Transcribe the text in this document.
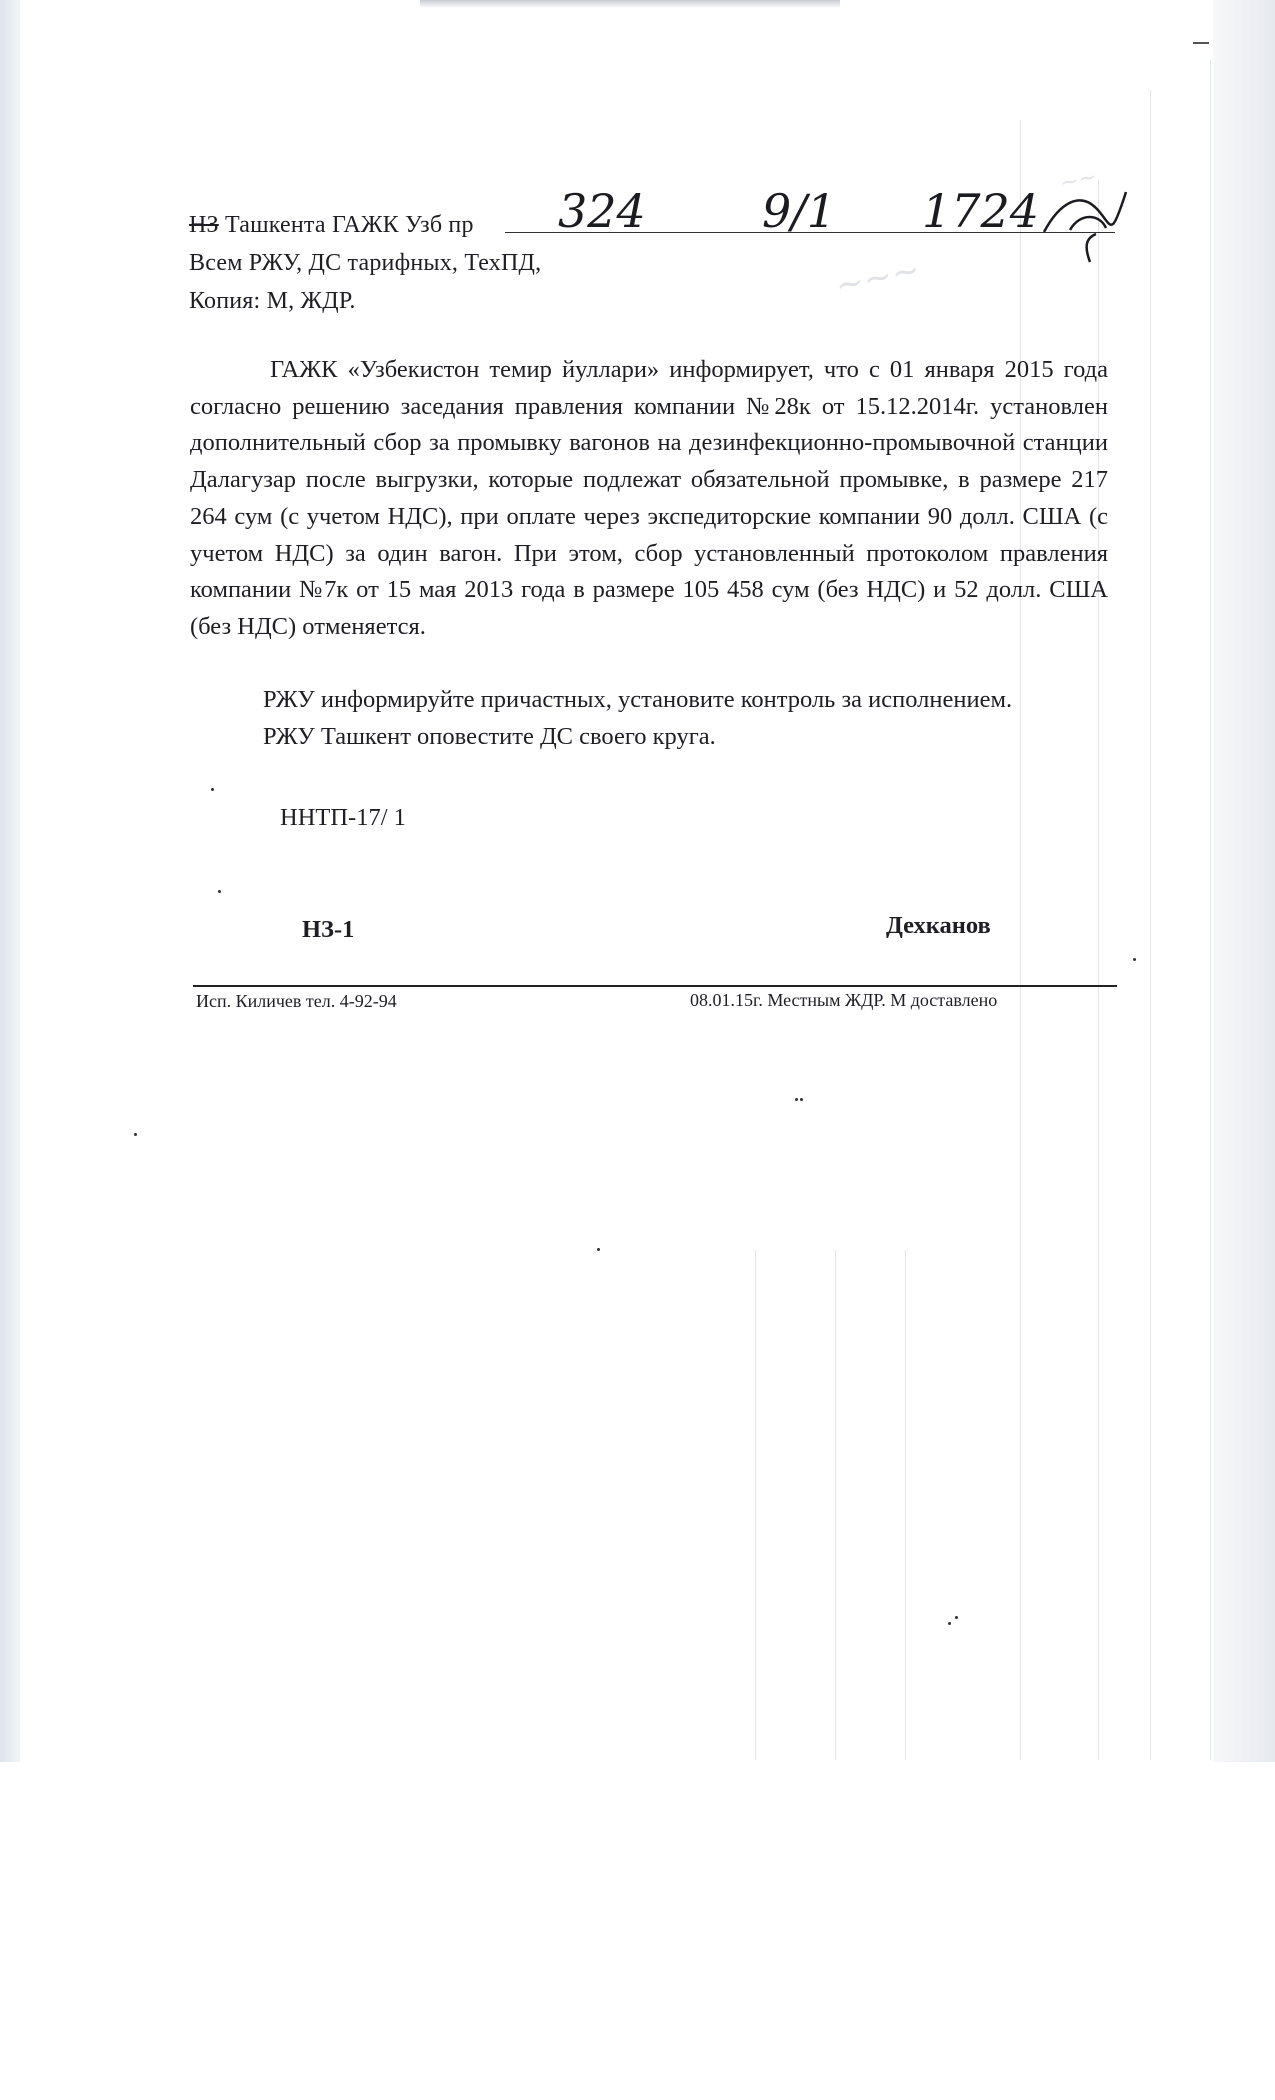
~~~
~~
НЗ Ташкента ГАЖК Узб пр 324	9/1 1724
Всем РЖУ, ДС тарифных, ТехПД,
Копия: М, ЖДР.

ГАЖК «Узбекистон темир йуллари» информирует, что с 01 января 2015 года согласно решению заседания правления компании №28к от 15.12.2014г. установлен дополнительный сбор за промывку вагонов на дезинфекционно-промывочной станции Далагузар после выгрузки, которые подлежат обязательной промывке, в размере 217 264 сум (с учетом НДС), при оплате через экспедиторские компании 90 долл. США (с учетом НДС) за один вагон. При этом, сбор установленный протоколом правления компании №7к от 15 мая 2013 года в размере 105 458 сум (без НДС) и 52 долл. США (без НДС) отменяется.

РЖУ информируйте причастных, установите контроль за исполнением.
РЖУ Ташкент оповестите ДС своего круга.
ННТП-17/ 1
НЗ-1	Дехканов
Исп. Киличев тел. 4-92-94	08.01.15г. Местным ЖДР. М доставлено
